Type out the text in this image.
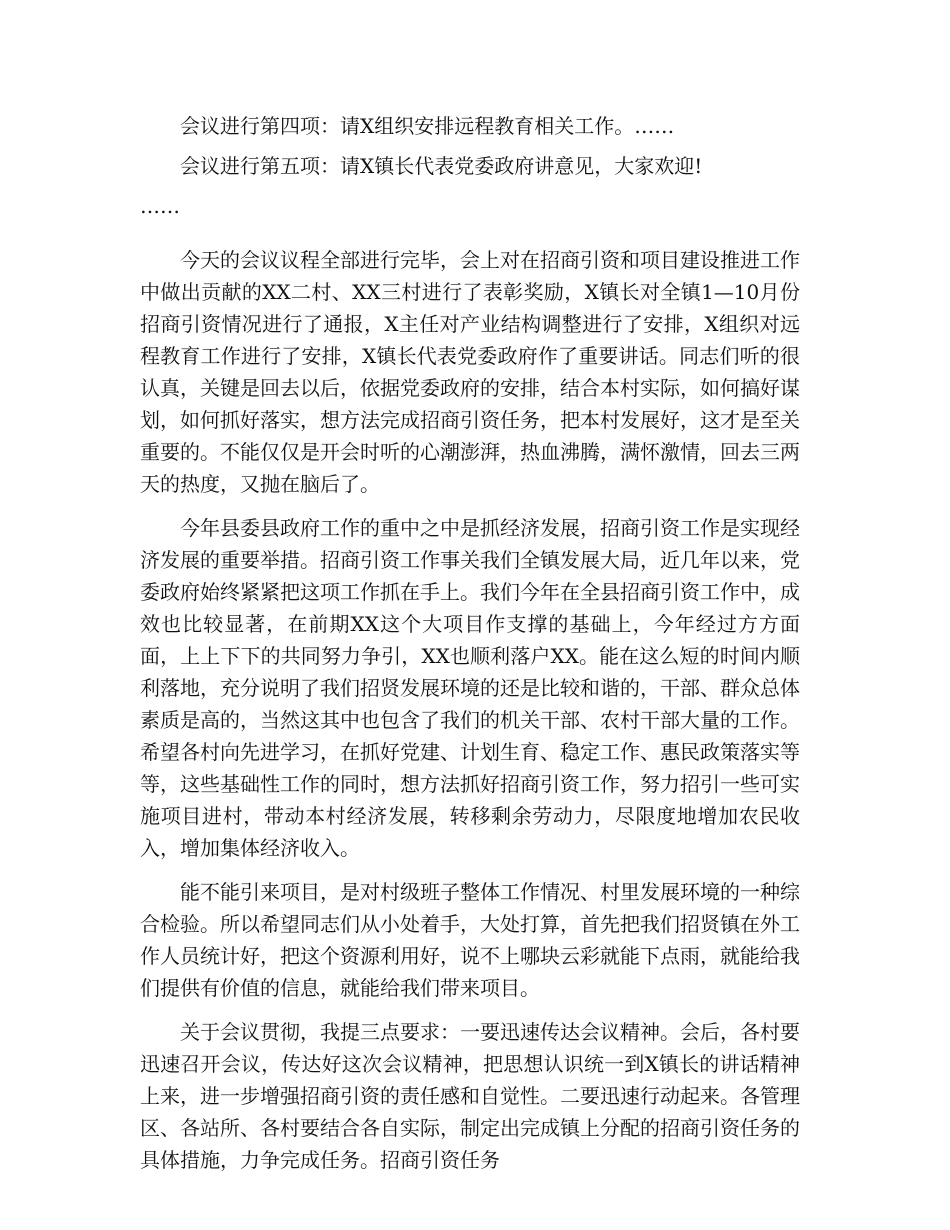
会议进行第四项：请X组织安排远程教育相关工作。……

会议进行第五项：请X镇长代表党委政府讲意见，大家欢迎!

……

今天的会议议程全部进行完毕，会上对在招商引资和项目建设推进工作中做出贡献的XX二村、XX三村进行了表彰奖励，X镇长对全镇1—10月份招商引资情况进行了通报，X主任对产业结构调整进行了安排，X组织对远程教育工作进行了安排，X镇长代表党委政府作了重要讲话。同志们听的很认真，关键是回去以后，依据党委政府的安排，结合本村实际，如何搞好谋划，如何抓好落实，想方法完成招商引资任务，把本村发展好，这才是至关重要的。不能仅仅是开会时听的心潮澎湃，热血沸腾，满怀激情，回去三两天的热度，又抛在脑后了。

今年县委县政府工作的重中之中是抓经济发展，招商引资工作是实现经济发展的重要举措。招商引资工作事关我们全镇发展大局，近几年以来，党委政府始终紧紧把这项工作抓在手上。我们今年在全县招商引资工作中，成效也比较显著，在前期XX这个大项目作支撑的基础上，今年经过方方面面，上上下下的共同努力争引，XX也顺利落户XX。能在这么短的时间内顺利落地，充分说明了我们招贤发展环境的还是比较和谐的，干部、群众总体素质是高的，当然这其中也包含了我们的机关干部、农村干部大量的工作。希望各村向先进学习，在抓好党建、计划生育、稳定工作、惠民政策落实等等，这些基础性工作的同时，想方法抓好招商引资工作，努力招引一些可实施项目进村，带动本村经济发展，转移剩余劳动力，尽限度地增加农民收入，增加集体经济收入。

能不能引来项目，是对村级班子整体工作情况、村里发展环境的一种综合检验。所以希望同志们从小处着手，大处打算，首先把我们招贤镇在外工作人员统计好，把这个资源利用好，说不上哪块云彩就能下点雨，就能给我们提供有价值的信息，就能给我们带来项目。

关于会议贯彻，我提三点要求：一要迅速传达会议精神。会后，各村要迅速召开会议，传达好这次会议精神，把思想认识统一到X镇长的讲话精神上来，进一步增强招商引资的责任感和自觉性。二要迅速行动起来。各管理区、各站所、各村要结合各自实际，制定出完成镇上分配的招商引资任务的具体措施，力争完成任务。招商引资任务
